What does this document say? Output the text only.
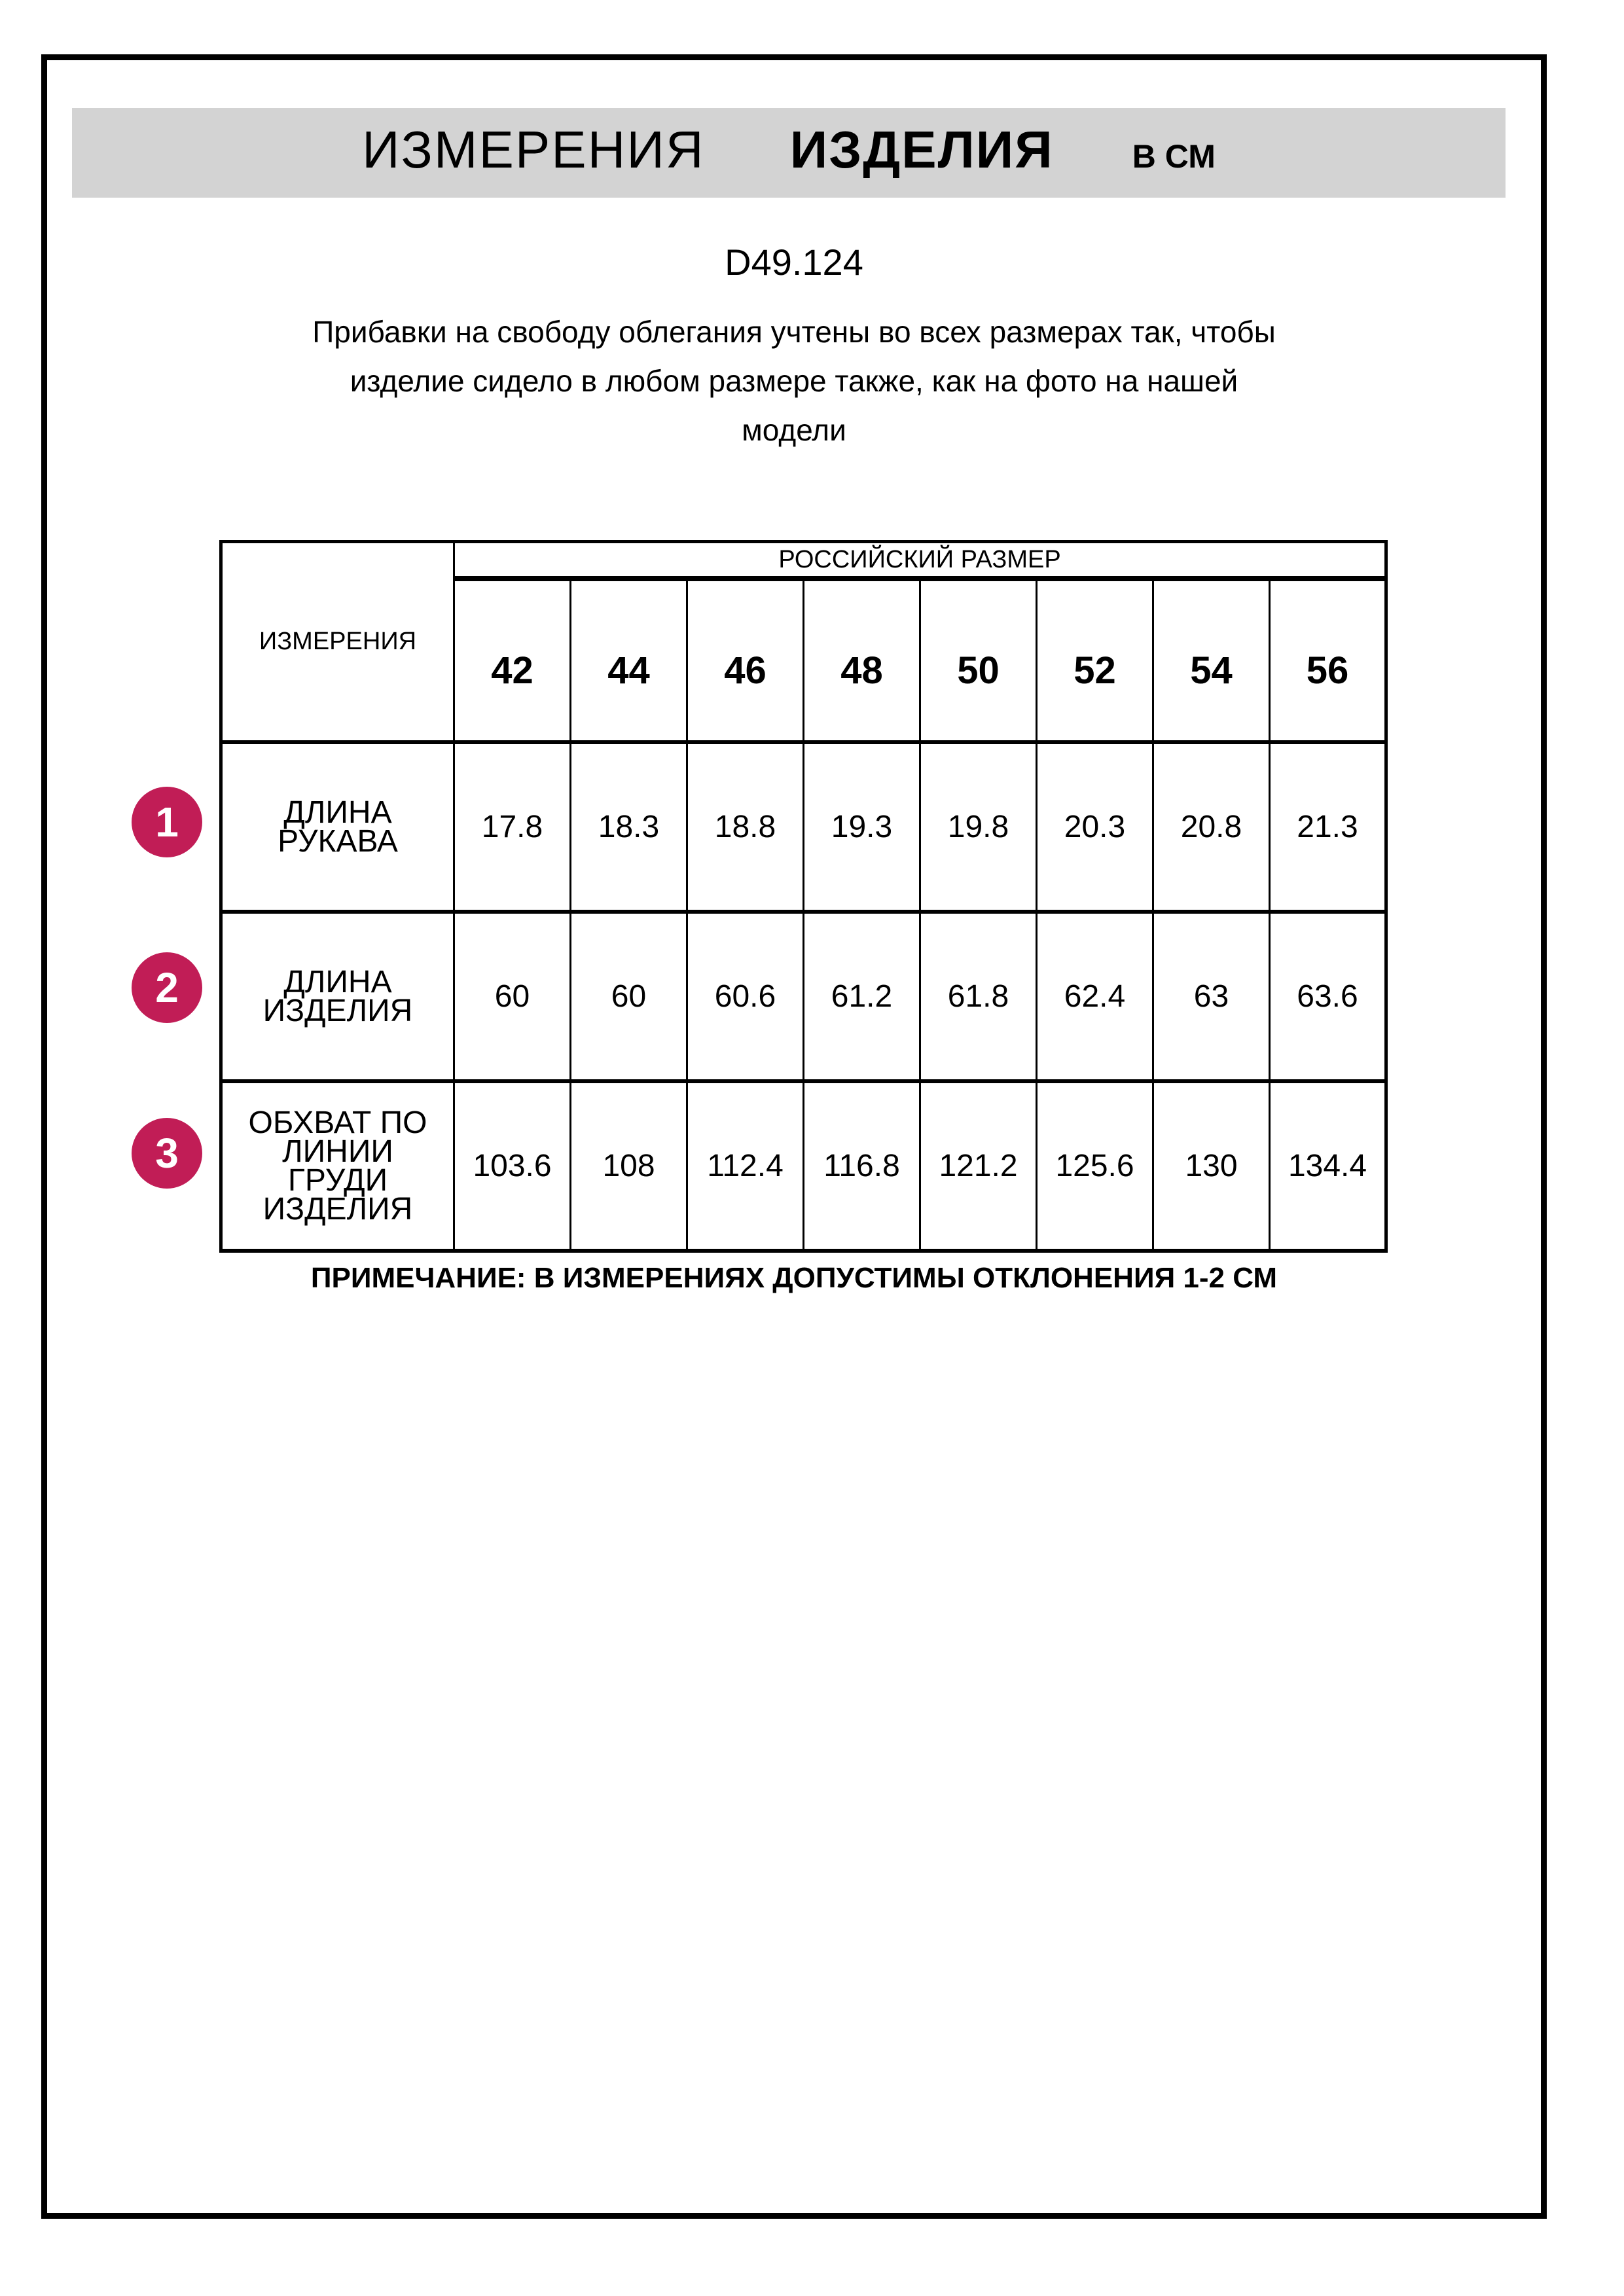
ИЗМЕРЕНИЯ ИЗДЕЛИЯ В СМ
D49.124
Прибавки на свободу облегания учтены во всех размерах так, чтобы
изделие сидело в любом размере также, как на фото на нашей
модели
1
2
3
ИЗМЕРЕНИЯ	РОССИЙСКИЙ РАЗМЕР							
	42	44	46	48	50	52	54	56

ДЛИНА РУКАВА	17.8	18.3	18.8	19.3	19.8	20.3	20.8	21.3

ДЛИНА ИЗДЕЛИЯ	60	60	60.6	61.2	61.8	62.4	63	63.6

ОБХВАТ ПО ЛИНИИ ГРУДИ ИЗДЕЛИЯ	103.6	108	112.4	116.8	121.2	125.6	130	134.4
ПРИМЕЧАНИЕ: В ИЗМЕРЕНИЯХ ДОПУСТИМЫ ОТКЛОНЕНИЯ 1-2 СМ
